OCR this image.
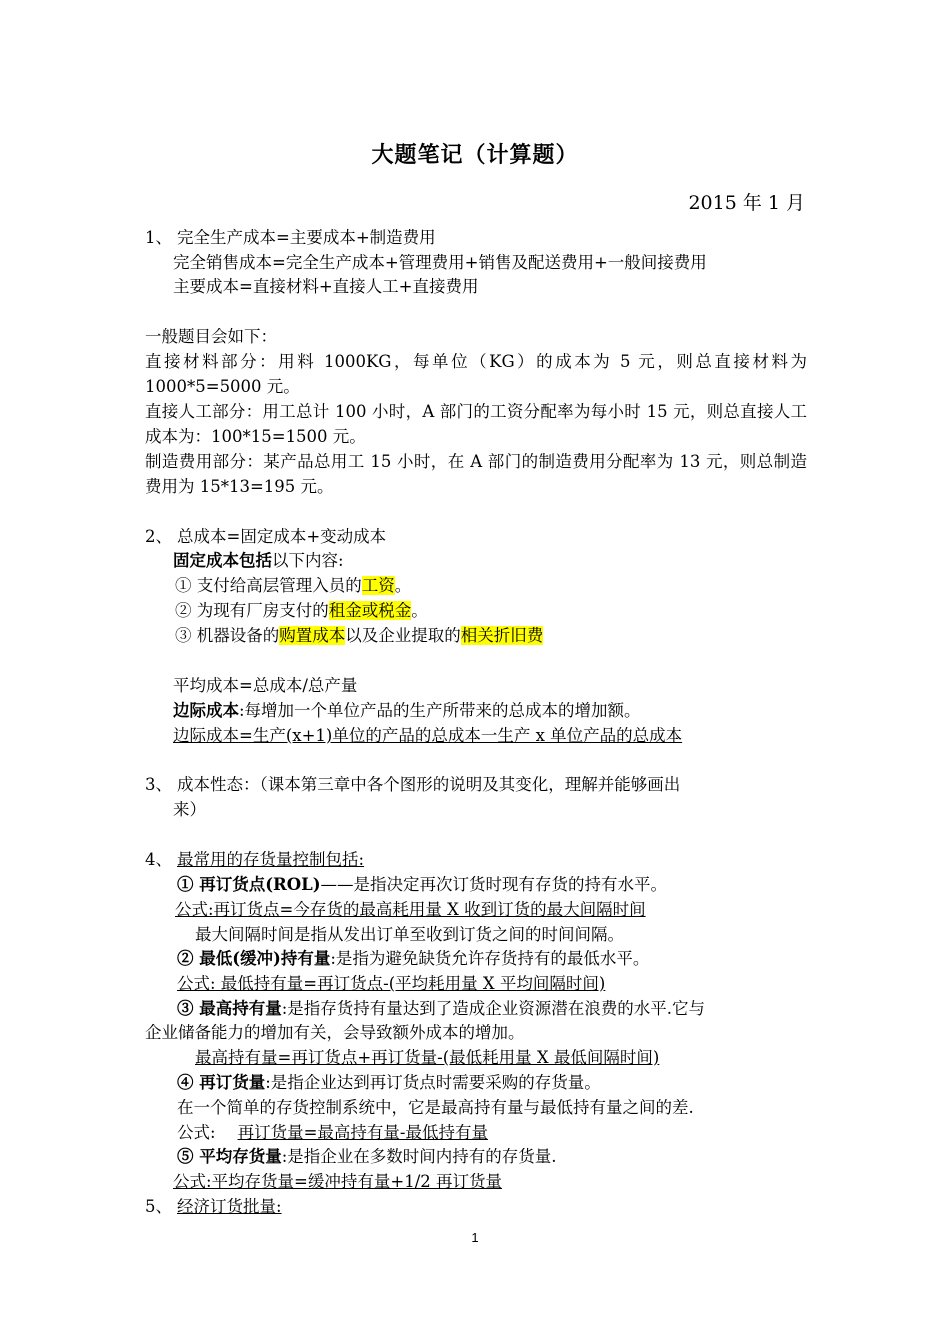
大题笔记（计算题）
2015 年 1 月
1、 完全生产成本=主要成本+制造费用
完全销售成本=完全生产成本+管理费用+销售及配送费用+一般间接费用
主要成本=直接材料+直接人工+直接费用
一般题目会如下：
直接材料部分：用料 1000KG，每单位（KG）的成本为 5 元，则总直接材料为 1000*5=5000 元。
直接人工部分：用工总计 100 小时，A 部门的工资分配率为每小时 15 元，则总直接人工成本为：100*15=1500 元。
制造费用部分：某产品总用工 15 小时，在 A 部门的制造费用分配率为 13 元，则总制造费用为 15*13=195 元。
2、 总成本=固定成本+变动成本
固定成本包括以下内容:
① 支付给高层管理入员的工资。
② 为现有厂房支付的租金或税金。
③ 机器设备的购置成本以及企业提取的相关折旧费
平均成本=总成本/总产量
边际成本:每增加一个单位产品的生产所带来的总成本的增加额。
边际成本=生产(x+1)单位的产品的总成本一生产 x 单位产品的总成本
3、 成本性态：（课本第三章中各个图形的说明及其变化，理解并能够画出
来）
4、 最常用的存货量控制包括:
① 再订货点(ROL)——是指决定再次订货时现有存货的持有水平。
公式:再订货点=今存货的最高耗用量 X 收到订货的最大间隔时间
最大间隔时间是指从发出订单至收到订货之间的时间间隔。
② 最低(缓冲)持有量:是指为避免缺货允许存货持有的最低水平。
公式: 最低持有量=再订货点-(平均耗用量 X 平均间隔时间)
③ 最高持有量:是指存货持有量达到了造成企业资源潜在浪费的水平.它与
企业储备能力的增加有关，会导致额外成本的增加。
最高持有量=再订货点+再订货量-(最低耗用量 X 最低间隔时间)
④ 再订货量:是指企业达到再订货点时需要采购的存货量。
在一个简单的存货控制系统中，它是最高持有量与最低持有量之间的差.
公式: 再订货量=最高持有量-最低持有量
⑤ 平均存货量:是指企业在多数时间内持有的存货量.
公式:平均存货量=缓冲持有量+1/2 再订货量
5、 经济订货批量:
1
